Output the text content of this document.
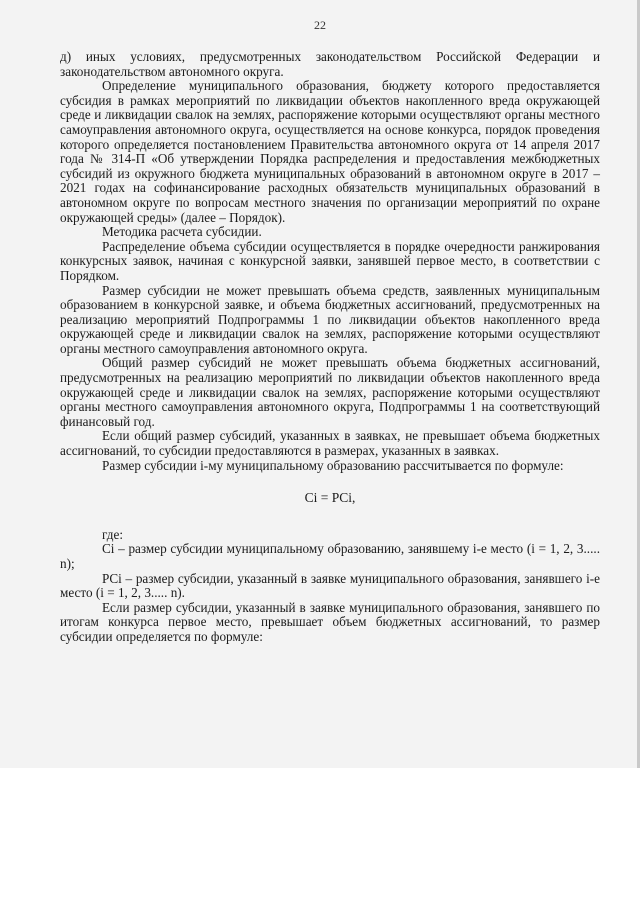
22

д) иных условиях, предусмотренных законодательством Российской Федерации и законодательством автономного округа.

Определение муниципального образования, бюджету которого предоставляется субсидия в рамках мероприятий по ликвидации объектов накопленного вреда окружающей среде и ликвидации свалок на землях, распоряжение которыми осуществляют органы местного самоуправления автономного округа, осуществляется на основе конкурса, порядок проведения которого определяется постановлением Правительства автономного округа от 14 апреля 2017 года № 314-П «Об утверждении Порядка распределения и предоставления межбюджетных субсидий из окружного бюджета муниципальных образований в автономном округе в 2017 – 2021 годах на софинансирование расходных обязательств муниципальных образований в автономном округе по вопросам местного значения по организации мероприятий по охране окружающей среды» (далее – Порядок).

Методика расчета субсидии.

Распределение объема субсидии осуществляется в порядке очередности ранжирования конкурсных заявок, начиная с конкурсной заявки, занявшей первое место, в соответствии с Порядком.

Размер субсидии не может превышать объема средств, заявленных муниципальным образованием в конкурсной заявке, и объема бюджетных ассигнований, предусмотренных на реализацию мероприятий Подпрограммы 1 по ликвидации объектов накопленного вреда окружающей среде и ликвидации свалок на землях, распоряжение которыми осуществляют органы местного самоуправления автономного округа.

Общий размер субсидий не может превышать объема бюджетных ассигнований, предусмотренных на реализацию мероприятий по ликвидации объектов накопленного вреда окружающей среде и ликвидации свалок на землях, распоряжение которыми осуществляют органы местного самоуправления автономного округа, Подпрограммы 1 на соответствующий финансовый год.

Если общий размер субсидий, указанных в заявках, не превышает объема бюджетных ассигнований, то субсидии предоставляются в размерах, указанных в заявках.

Размер субсидии i-му муниципальному образованию рассчитывается по формуле:

Ci = PCi,

где:

Ci – размер субсидии муниципальному образованию, занявшему i-е место (i = 1, 2, 3..... n);

PCi – размер субсидии, указанный в заявке муниципального образования, занявшего i-е место (i = 1, 2, 3..... n).

Если размер субсидии, указанный в заявке муниципального образования, занявшего по итогам конкурса первое место, превышает объем бюджетных ассигнований, то размер субсидии определяется по формуле:
